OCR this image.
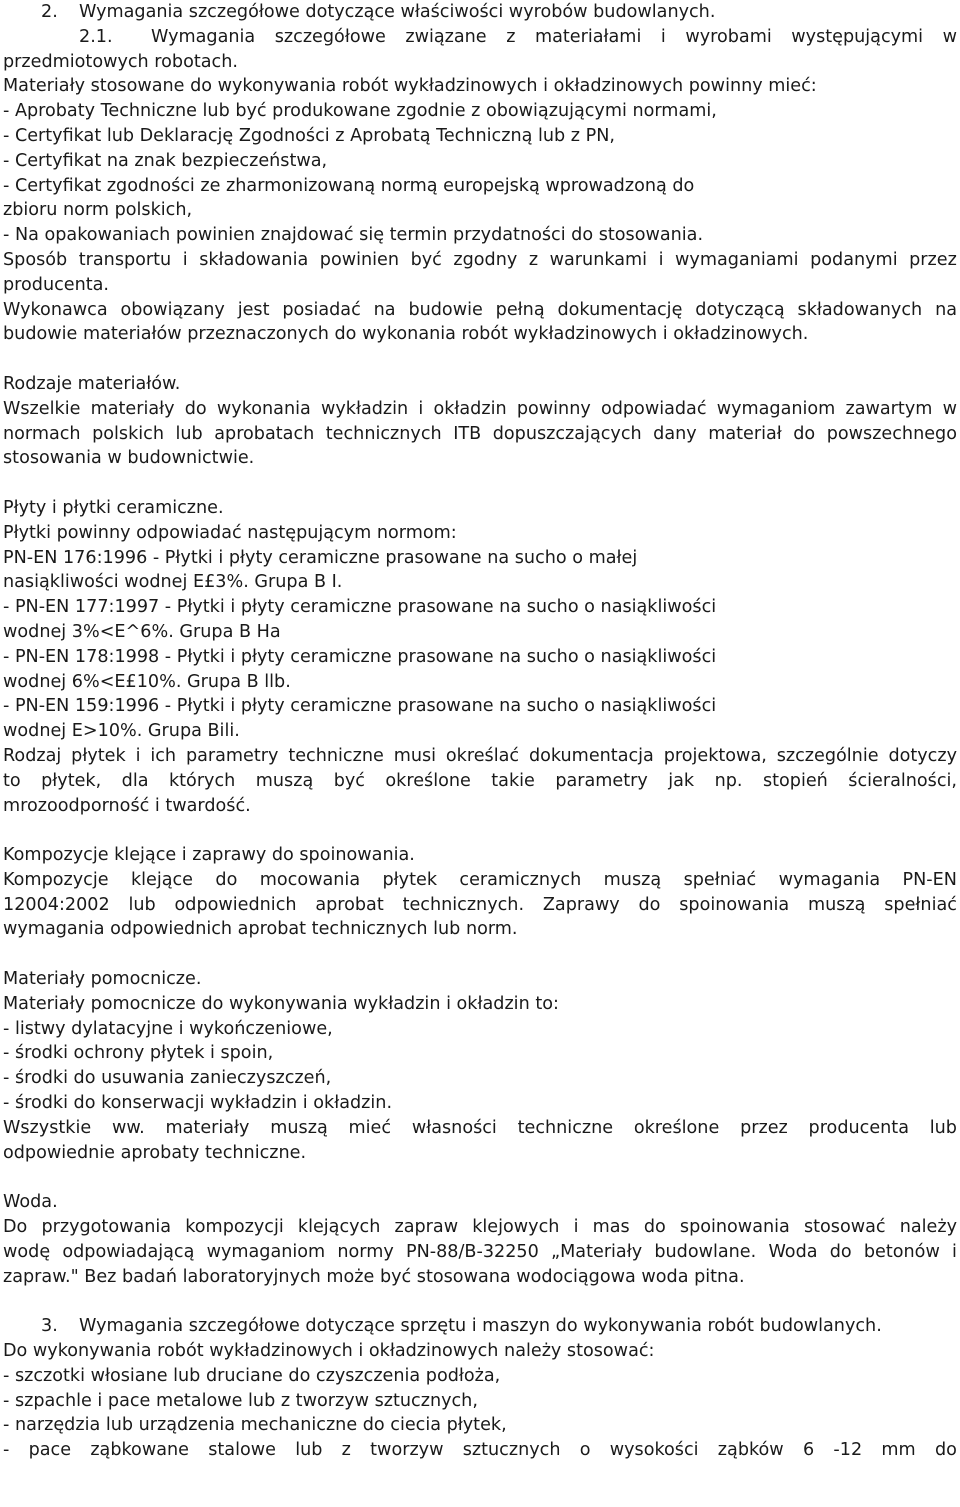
2. Wymagania szczegółowe dotyczące właściwości wyrobów budowlanych.
2.1.	Wymagania szczegółowe związane z materiałami i wyrobami występującymi w
przedmiotowych robotach.
Materiały stosowane do wykonywania robót wykładzinowych i okładzinowych powinny mieć:
- Aprobaty Techniczne lub być produkowane zgodnie z obowiązującymi normami,
- Certyfikat lub Deklarację Zgodności z Aprobatą Techniczną lub z PN,
- Certyfikat na znak bezpieczeństwa,
- Certyfikat zgodności ze zharmonizowaną normą europejską wprowadzoną do
zbioru norm polskich,
- Na opakowaniach powinien znajdować się termin przydatności do stosowania.
Sposób transportu i składowania powinien być zgodny z warunkami i wymaganiami podanymi przez
producenta.
Wykonawca obowiązany jest posiadać na budowie pełną dokumentację dotyczącą składowanych na
budowie materiałów przeznaczonych do wykonania robót wykładzinowych i okładzinowych.
Rodzaje materiałów.
Wszelkie materiały do wykonania wykładzin i okładzin powinny odpowiadać wymaganiom zawartym w
normach polskich lub aprobatach technicznych ITB dopuszczających dany materiał do powszechnego
stosowania w budownictwie.
Płyty i płytki ceramiczne.
Płytki powinny odpowiadać następującym normom:
PN-EN 176:1996 - Płytki i płyty ceramiczne prasowane na sucho o małej
nasiąkliwości wodnej E£3%. Grupa B I.
- PN-EN 177:1997 - Płytki i płyty ceramiczne prasowane na sucho o nasiąkliwości
wodnej 3%<E^6%. Grupa B Ha
- PN-EN 178:1998 - Płytki i płyty ceramiczne prasowane na sucho o nasiąkliwości
wodnej 6%<E£10%. Grupa B llb.
- PN-EN 159:1996 - Płytki i płyty ceramiczne prasowane na sucho o nasiąkliwości
wodnej E>10%. Grupa Bili.
Rodzaj płytek i ich parametry techniczne musi określać dokumentacja projektowa, szczególnie dotyczy
to płytek, dla których muszą być określone takie parametry jak np. stopień ścieralności,
mrozoodporność i twardość.
Kompozycje klejące i zaprawy do spoinowania.
Kompozycje klejące do mocowania płytek ceramicznych muszą spełniać wymagania PN-EN
12004:2002 lub odpowiednich aprobat technicznych. Zaprawy do spoinowania muszą spełniać
wymagania odpowiednich aprobat technicznych lub norm.
Materiały pomocnicze.
Materiały pomocnicze do wykonywania wykładzin i okładzin to:
- listwy dylatacyjne i wykończeniowe,
- środki ochrony płytek i spoin,
- środki do usuwania zanieczyszczeń,
- środki do konserwacji wykładzin i okładzin.
Wszystkie ww. materiały muszą mieć własności techniczne określone przez producenta lub
odpowiednie aprobaty techniczne.
Woda.
Do przygotowania kompozycji klejących zapraw klejowych i mas do spoinowania stosować należy
wodę odpowiadającą wymaganiom normy PN-88/B-32250 „Materiały budowlane. Woda do betonów i
zapraw." Bez badań laboratoryjnych może być stosowana wodociągowa woda pitna.
3. Wymagania szczegółowe dotyczące sprzętu i maszyn do wykonywania robót budowlanych.
Do wykonywania robót wykładzinowych i okładzinowych należy stosować:
- szczotki włosiane lub druciane do czyszczenia podłoża,
- szpachle i pace metalowe lub z tworzyw sztucznych,
- narzędzia lub urządzenia mechaniczne do ciecia płytek,
- pace ząbkowane stalowe lub z tworzyw sztucznych o wysokości ząbków 6 -12 mm do
